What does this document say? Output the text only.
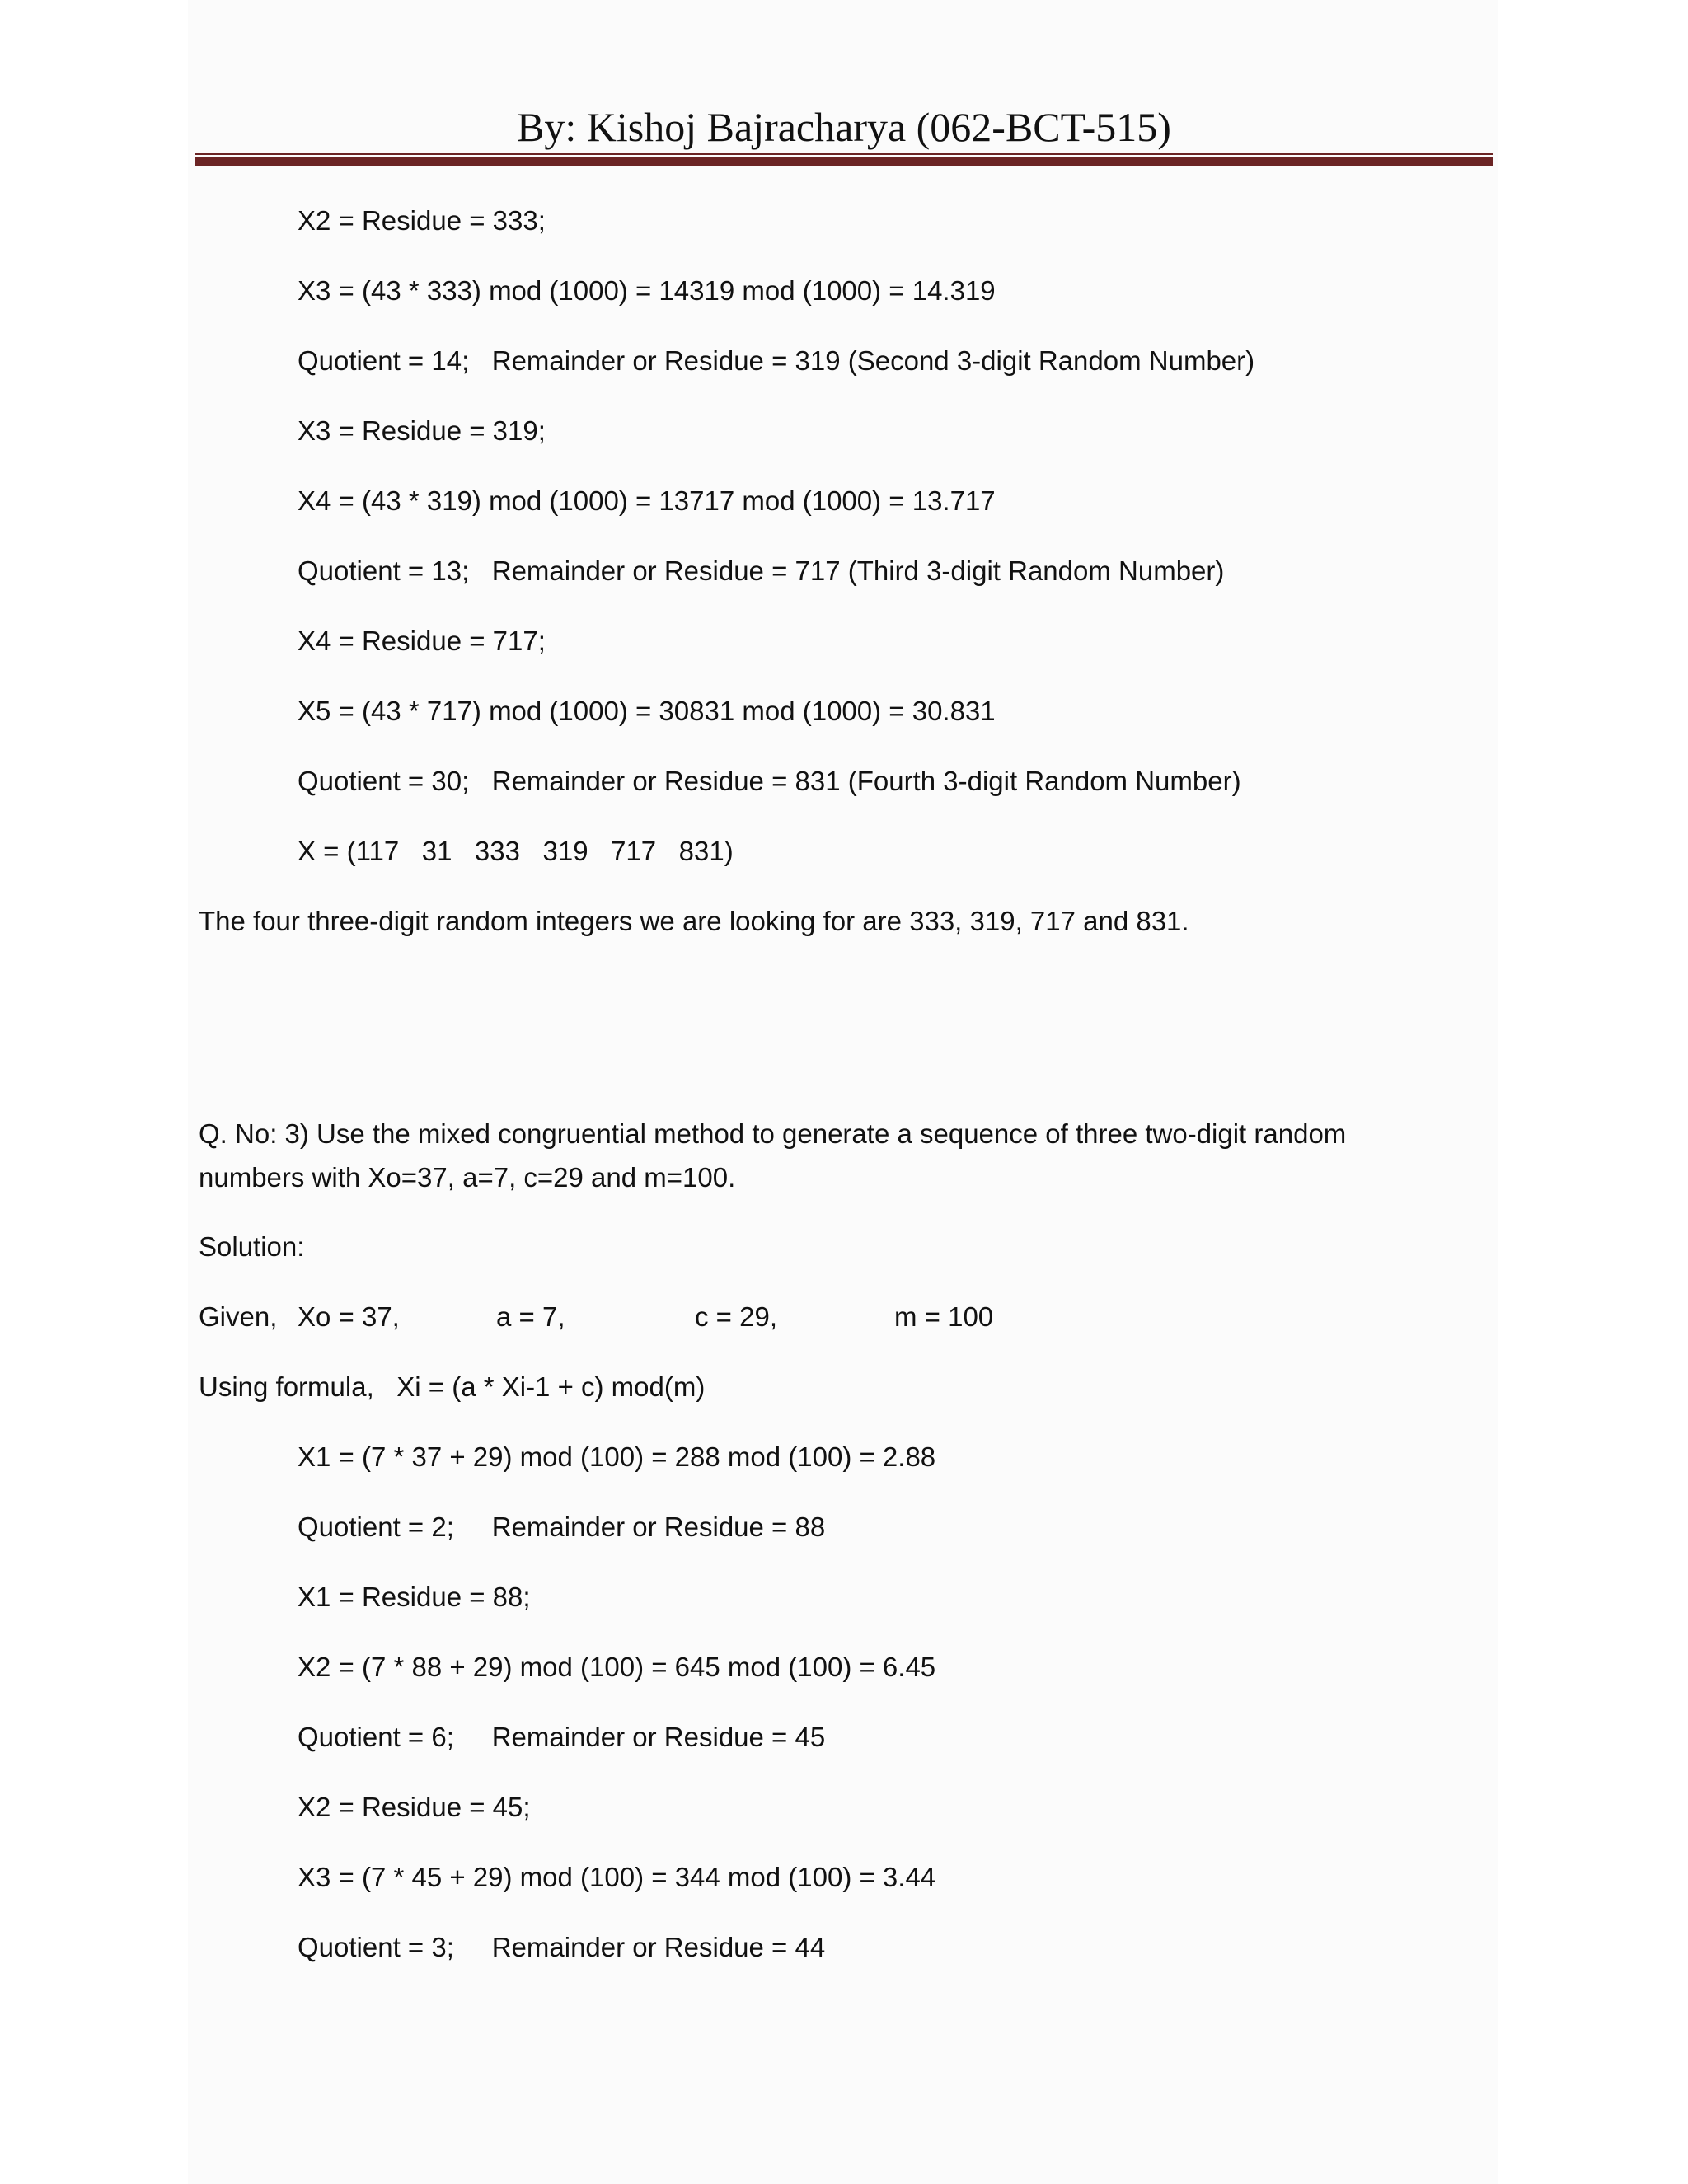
By: Kishoj Bajracharya (062-BCT-515)
X2 = Residue = 333;
X3 = (43 * 333) mod (1000) = 14319 mod (1000) = 14.319
Quotient = 14;   Remainder or Residue = 319 (Second 3-digit Random Number)
X3 = Residue = 319;
X4 = (43 * 319) mod (1000) = 13717 mod (1000) = 13.717
Quotient = 13;   Remainder or Residue = 717 (Third 3-digit Random Number)
X4 = Residue = 717;
X5 = (43 * 717) mod (1000) = 30831 mod (1000) = 30.831
Quotient = 30;   Remainder or Residue = 831 (Fourth 3-digit Random Number)
X = (117   31   333   319   717   831)
The four three-digit random integers we are looking for are 333, 319, 717 and 831.
Q. No: 3) Use the mixed congruential method to generate a sequence of three two-digit random numbers with Xo=37, a=7, c=29 and m=100.
Solution:
Given, Xo = 37,	a = 7,	c = 29,	m = 100
Using formula,   Xi = (a * Xi-1 + c) mod(m)
X1 = (7 * 37 + 29) mod (100) = 288 mod (100) = 2.88
Quotient = 2;     Remainder or Residue = 88
X1 = Residue = 88;
X2 = (7 * 88 + 29) mod (100) = 645 mod (100) = 6.45
Quotient = 6;     Remainder or Residue = 45
X2 = Residue = 45;
X3 = (7 * 45 + 29) mod (100) = 344 mod (100) = 3.44
Quotient = 3;     Remainder or Residue = 44
